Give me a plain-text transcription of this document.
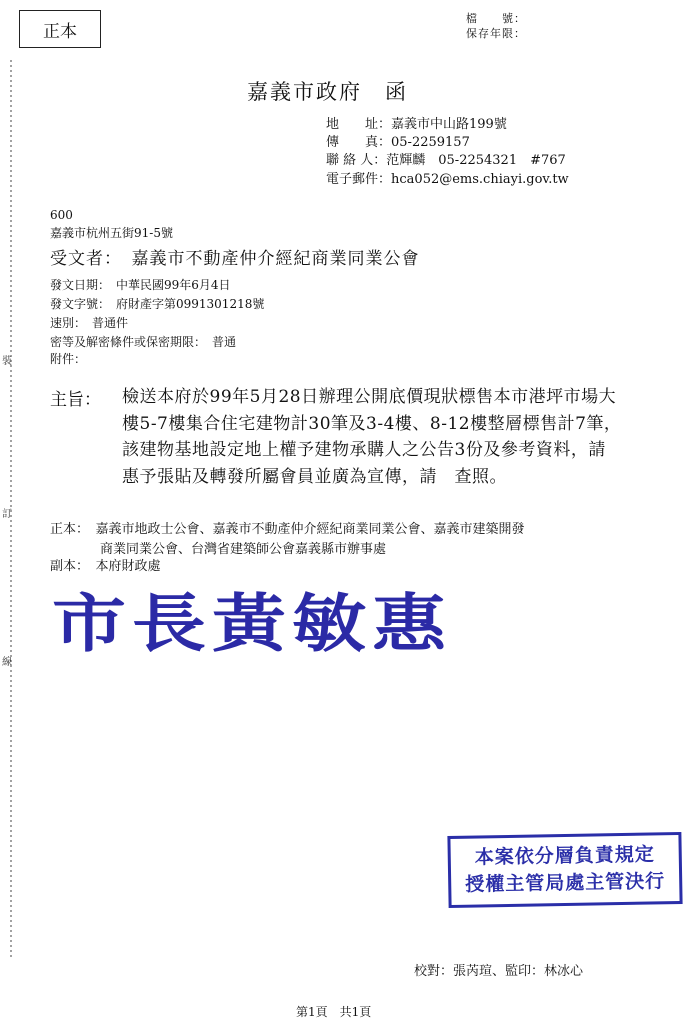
裝
訂
線
正本
檔　　號：
保存年限：
嘉義市政府　函
地　　址：嘉義市中山路199號
傳　　真：05-2259157
聯 絡 人：范輝麟　05-2254321　#767
電子郵件：hca052@ems.chiayi.gov.tw
600
嘉義市杭州五街91-5號
受文者：　嘉義市不動產仲介經紀商業同業公會
發文日期：　中華民國99年6月4日
發文字號：　府財產字第0991301218號
速別：　普通件
密等及解密條件或保密期限：　普通
附件：
主旨： 檢送本府於99年5月28日辦理公開底價現狀標售本市港坪市場大樓5-7樓集合住宅建物計30筆及3-4樓、8-12樓整層標售計7筆，該建物基地設定地上權予建物承購人之公告3份及參考資料，請惠予張貼及轉發所屬會員並廣為宣傳，請　查照。
正本：　嘉義市地政士公會、嘉義市不動產仲介經紀商業同業公會、嘉義市建築開發
商業同業公會、台灣省建築師公會嘉義縣市辦事處
副本：　本府財政處
市長黃敏惠
本案依分層負責規定
授權主管局處主管決行
校對：張芮瑄、監印：林冰心
第1頁　共1頁
